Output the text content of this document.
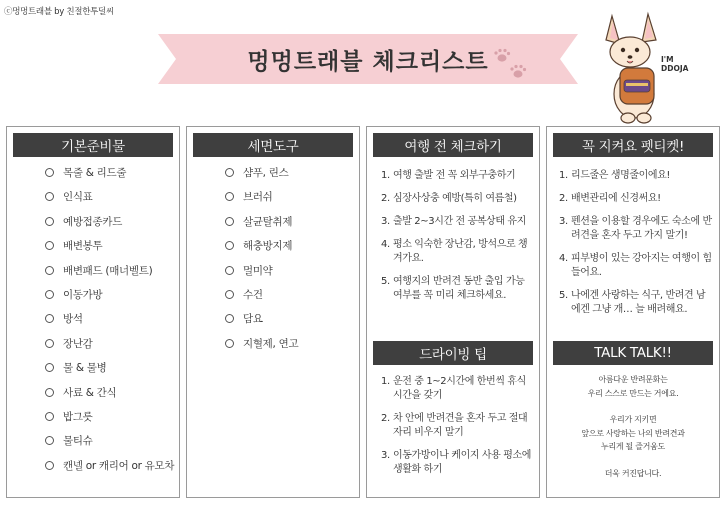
ⓒ멍멍트래블 by 친절한투덜씨
멍멍트래블 체크리스트	I'M
DDOJA
기본준비물
목줄 & 리드줄
인식표
예방접종카드
배변봉투
배변패드 (매너벨트)
이동가방
방석
장난감
물 & 물병
사료 & 간식
밥그릇
물티슈
캔넬 or 캐리어 or 유모차
세면도구
샴푸, 린스
브러쉬
살균탈취제
해충방지제
멀미약
수건
담요
지혈제, 연고
여행 전 체크하기
1. 여행 출발 전 꼭 외부구충하기
2. 심장사상충 예방(특히 여름철)
3. 출발 2~3시간 전 공복상태 유지
4. 평소 익숙한 장난감, 방석으로 챙겨가요.
5. 여행지의 반려견 동반 출입 가능 여부를 꼭 미리 체크하세요.
드라이빙 팁
1. 운전 중 1~2시간에 한번씩 휴식 시간을 갖기
2. 차 안에 반려견을 혼자 두고 절대 자리 비우지 말기
3. 이동가방이나 케이지 사용 평소에 생활화 하기
꼭 지켜요 펫티켓!
1. 리드줄은 생명줄이에요!
2. 배변관리에 신경써요!
3. 펜션을 이용할 경우에도 숙소에 반려견을 혼자 두고 가지 말기!
4. 피부병이 있는 강아지는 여행이 힘들어요.
5. 나에겐 사랑하는 식구, 반려견 남에겐 그냥 개… 늘 배려해요.
TALK TALK!!

아름다운 반려문화는
우리 스스로 만드는 거에요.

우리가 지키면
앞으로 사랑하는 나의 반려견과
누리게 될 즐거움도

더욱 커진답니다.
